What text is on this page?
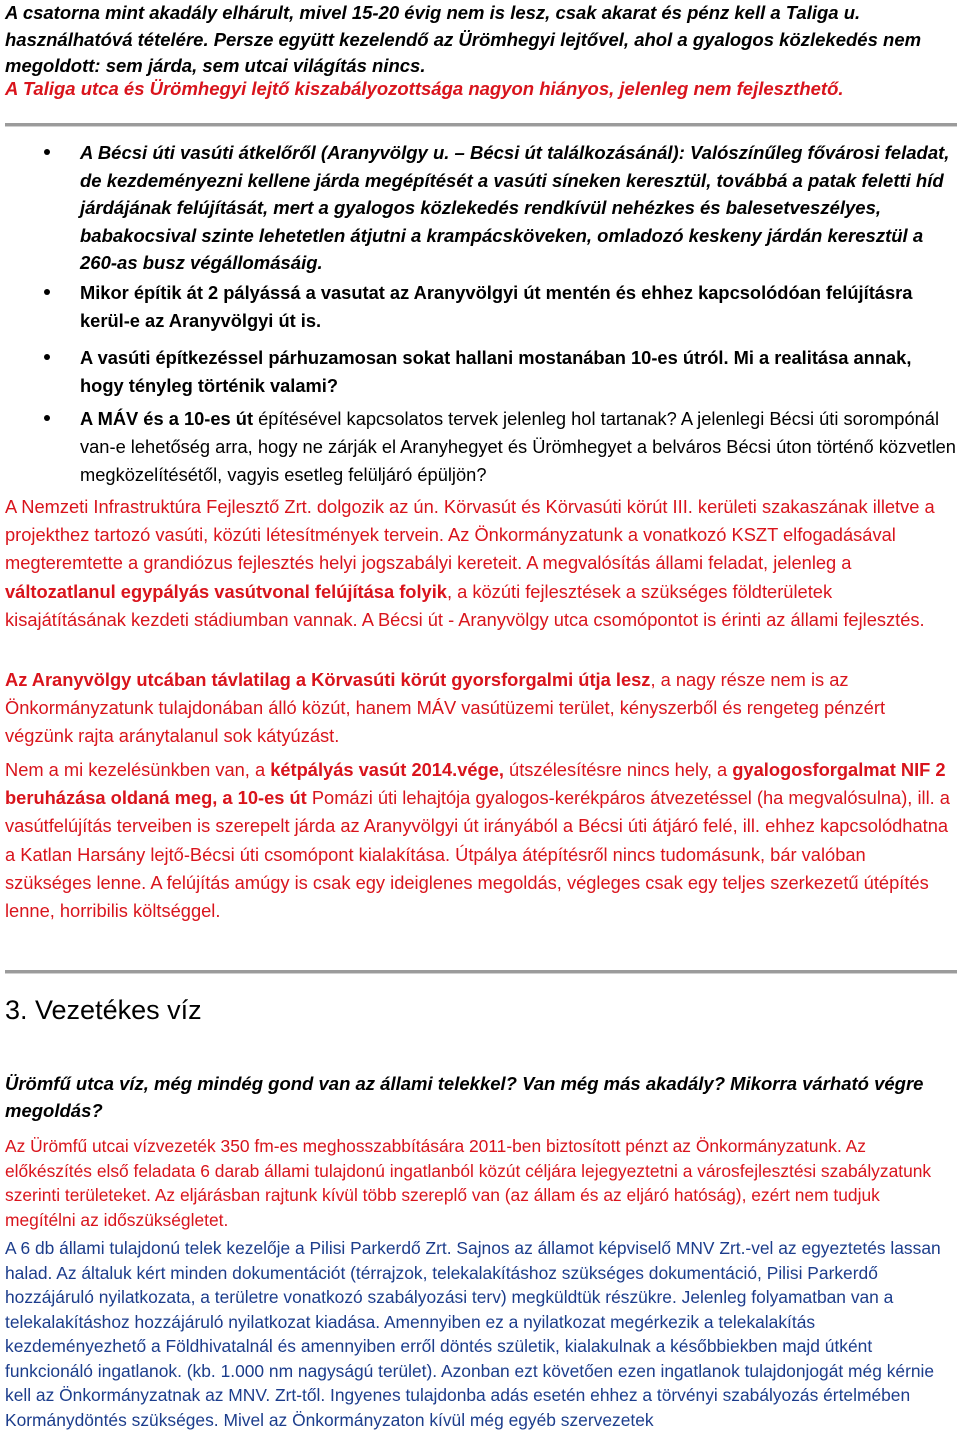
A csatorna mint akadály elhárult, mivel 15-20 évig nem is lesz, csak akarat és pénz kell a Taliga u. használhatóvá tételére. Persze együtt kezelendő az Ürömhegyi lejtővel, ahol a gyalogos közlekedés nem megoldott: sem járda, sem utcai világítás nincs.

A Taliga utca és Ürömhegyi lejtő kiszabályozottsága nagyon hiányos, jelenleg nem fejleszthető.

A Bécsi úti vasúti átkelőről (Aranyvölgy u. – Bécsi út találkozásánál): Valószínűleg fővárosi feladat, de kezdeményezni kellene járda megépítését a vasúti síneken keresztül, továbbá a patak feletti híd járdájának felújítását, mert a gyalogos közlekedés rendkívül nehézkes és balesetveszélyes, babakocsival szinte lehetetlen átjutni a krampácsköveken, omladozó keskeny járdán keresztül a 260-as busz végállomásáig.
Mikor építik át 2 pályássá a vasutat az Aranyvölgyi út mentén és ehhez kapcsolódóan felújításra kerül-e az Aranyvölgyi út is.
A vasúti építkezéssel párhuzamosan sokat hallani mostanában 10-es útról. Mi a realitása annak, hogy tényleg történik valami?
A MÁV és a 10-es út építésével kapcsolatos tervek jelenleg hol tartanak? A jelenlegi Bécsi úti sorompónál van-e lehetőség arra, hogy ne zárják el Aranyhegyet és Ürömhegyet a belváros Bécsi úton történő közvetlen megközelítésétől, vagyis esetleg felüljáró épüljön?

A Nemzeti Infrastruktúra Fejlesztő Zrt. dolgozik az ún. Körvasút és Körvasúti körút III. kerületi szakaszának illetve a projekthez tartozó vasúti, közúti létesítmények tervein. Az Önkormányzatunk a vonatkozó KSZT elfogadásával megteremtette a grandiózus fejlesztés helyi jogszabályi kereteit. A megvalósítás állami feladat, jelenleg a változatlanul egypályás vasútvonal felújítása folyik, a közúti fejlesztések a szükséges földterületek kisajátításának kezdeti stádiumban vannak. A Bécsi út - Aranyvölgy utca csomópontot is érinti az állami fejlesztés.

Az Aranyvölgy utcában távlatilag a Körvasúti körút gyorsforgalmi útja lesz, a nagy része nem is az Önkormányzatunk tulajdonában álló közút, hanem MÁV vasútüzemi terület, kényszerből és rengeteg pénzért végzünk rajta aránytalanul sok kátyúzást.

Nem a mi kezelésünkben van, a kétpályás vasút 2014.vége, útszélesítésre nincs hely, a gyalogosforgalmat NIF 2 beruházása oldaná meg, a 10-es út Pomázi úti lehajtója gyalogos-kerékpáros átvezetéssel (ha megvalósulna), ill. a vasútfelújítás terveiben is szerepelt járda az Aranyvölgyi út irányából a Bécsi úti átjáró felé, ill. ehhez kapcsolódhatna a Katlan Harsány lejtő-Bécsi úti csomópont kialakítása. Útpálya átépítésről nincs tudomásunk, bár valóban szükséges lenne. A felújítás amúgy is csak egy ideiglenes megoldás, végleges csak egy teljes szerkezetű útépítés lenne, horribilis költséggel.

3. Vezetékes víz

Ürömfű utca víz, még mindég gond van az állami telekkel? Van még más akadály? Mikorra várható végre megoldás?

Az Ürömfű utcai vízvezeték 350 fm-es meghosszabbítására 2011-ben biztosított pénzt az Önkormányzatunk. Az előkészítés első feladata 6 darab állami tulajdonú ingatlanból közút céljára lejegyeztetni a városfejlesztési szabályzatunk szerinti területeket. Az eljárásban rajtunk kívül több szereplő van (az állam és az eljáró hatóság), ezért nem tudjuk megítélni az időszükségletet.

A 6 db állami tulajdonú telek kezelője a Pilisi Parkerdő Zrt. Sajnos az államot képviselő MNV Zrt.-vel az egyeztetés lassan halad. Az általuk kért minden dokumentációt (térrajzok, telekalakításhoz szükséges dokumentáció, Pilisi Parkerdő hozzájáruló nyilatkozata, a területre vonatkozó szabályozási terv) megküldtük részükre. Jelenleg folyamatban van a telekalakításhoz hozzájáruló nyilatkozat kiadása. Amennyiben ez a nyilatkozat megérkezik a telekalakítás kezdeményezhető a Földhivatalnál és amennyiben erről döntés születik, kialakulnak a későbbiekben majd útként funkcionáló ingatlanok. (kb. 1.000 nm nagyságú terület). Azonban ezt követően ezen ingatlanok tulajdonjogát még kérnie kell az Önkormányzatnak az MNV. Zrt-től. Ingyenes tulajdonba adás esetén ehhez a törvényi szabályozás értelmében Kormánydöntés szükséges. Mivel az Önkormányzaton kívül még egyéb szervezetek
